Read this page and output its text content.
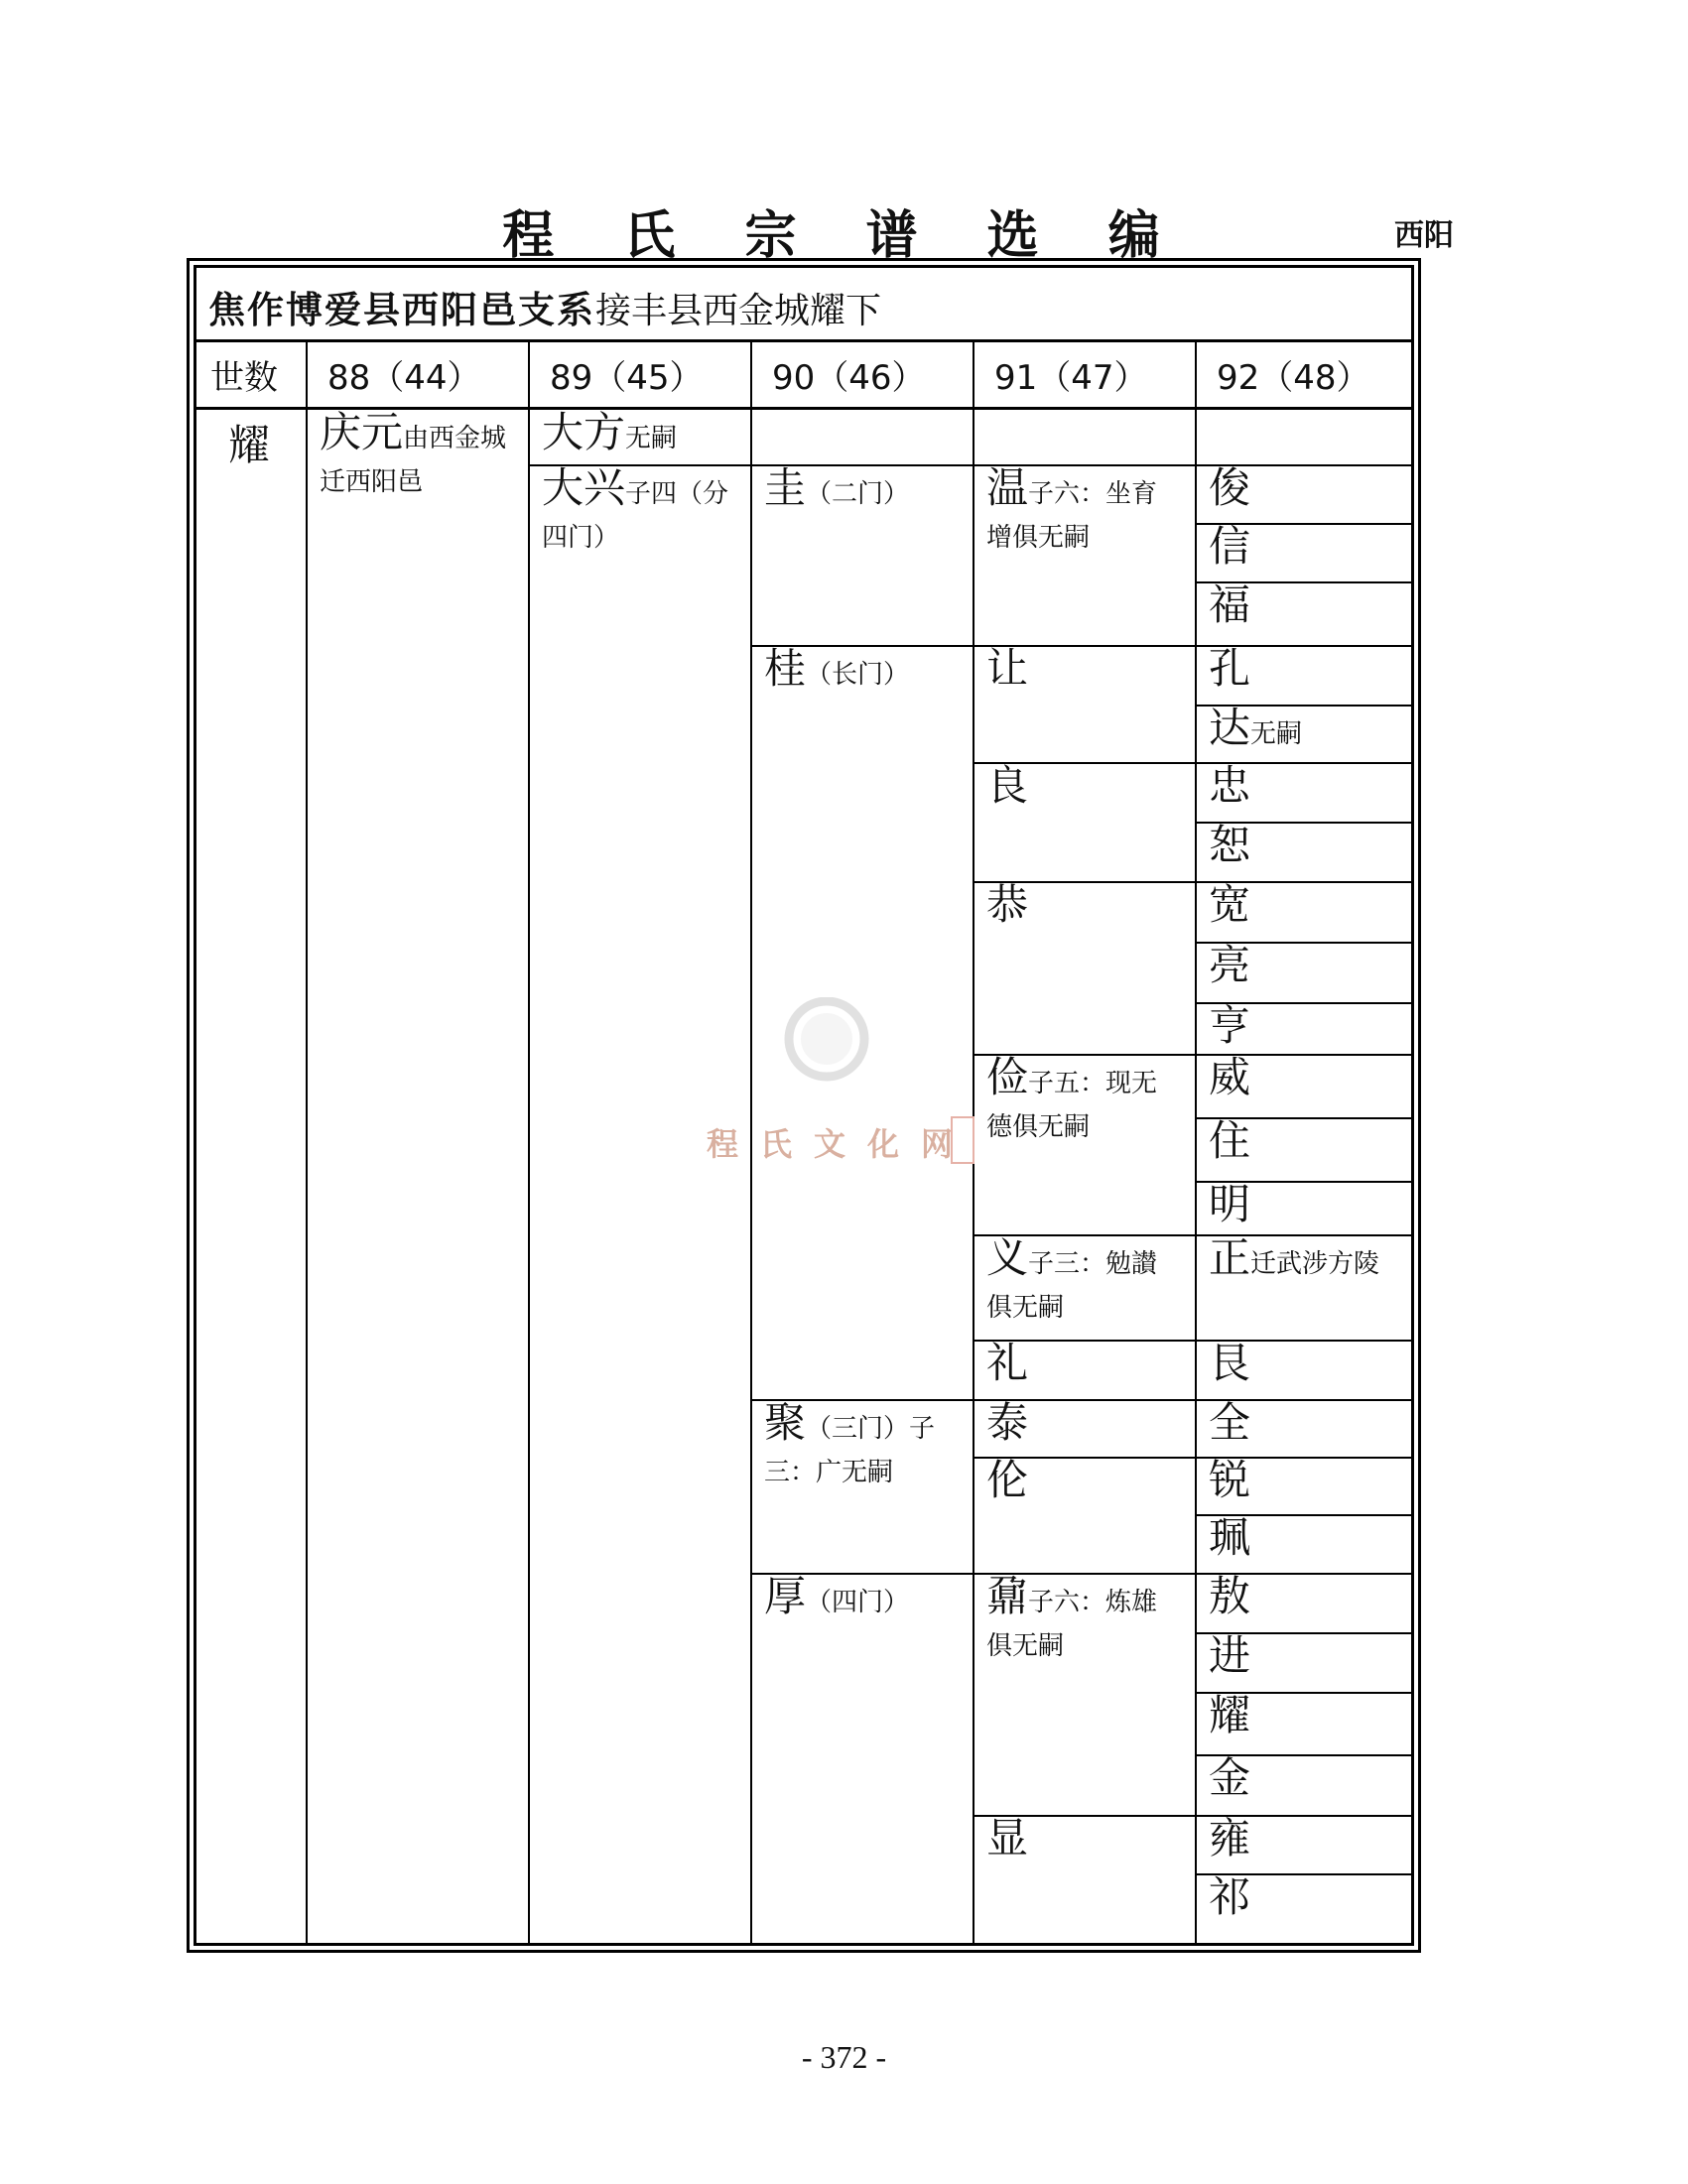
程 氏 宗 谱 选 编	西阳
焦作博爱县西阳邑支系接丰县西金城耀下
世数 88（44） 89（45） 90（46） 91（47） 92（48）
耀
程氏文化网
庆元由西金城迁西阳邑
大方无嗣
大兴子四（分四门）
圭（二门）
桂（长门）
聚（三门）子三：广无嗣
厚（四门）
温子六：坐育增俱无嗣
让
良
恭
俭子五：现无德俱无嗣
义子三：勉讃俱无嗣
礼
泰
伦
鼐子六：炼雄俱无嗣
显
俊
信
福
孔
达无嗣
忠
恕
宽
亮
亨
威
住
明
正迁武涉方陵
艮
全
锐
珮
敖
进
耀
金
雍
祁
- 372 -
